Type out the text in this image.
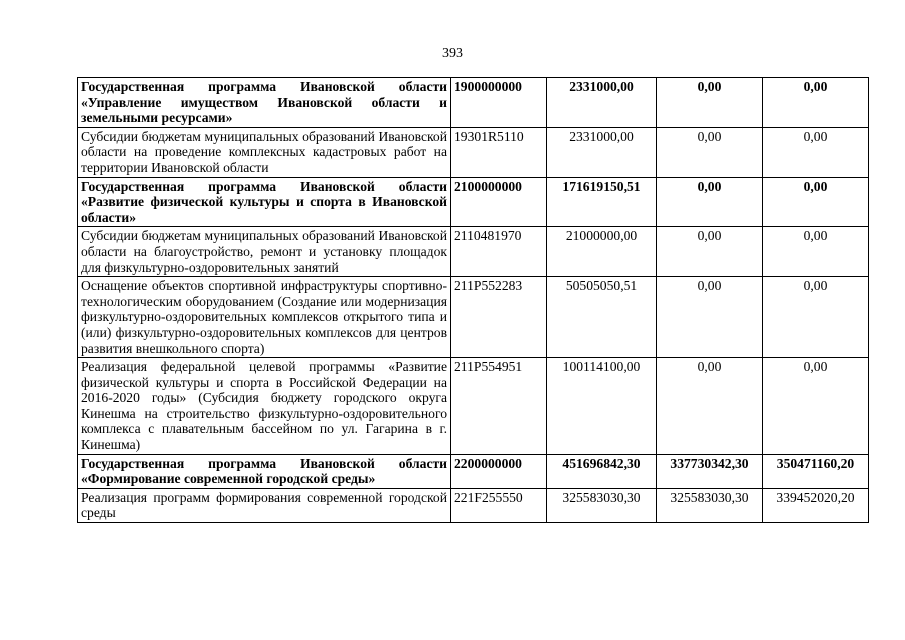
393
Государственная программа Ивановской области «Управление имуществом Ивановской области и земельными ресурсами»	1900000000	2331000,00	0,00	0,00
Субсидии бюджетам муниципальных образований Ивановской области на проведение комплексных кадастровых работ на территории Ивановской области	19301R5110	2331000,00	0,00	0,00
Государственная программа Ивановской области «Развитие физической культуры и спорта в Ивановской области»	2100000000	171619150,51	0,00	0,00
Субсидии бюджетам муниципальных образований Ивановской области на благоустройство, ремонт и установку площадок для физкультурно-оздоровительных занятий	2110481970	21000000,00	0,00	0,00
Оснащение объектов спортивной инфраструктуры спортивно-технологическим оборудованием (Создание или модернизация физкультурно-оздоровительных комплексов открытого типа и (или) физкультурно-оздоровительных комплексов для центров развития внешкольного спорта)	211P552283	50505050,51	0,00	0,00
Реализация федеральной целевой программы «Развитие физической культуры и спорта в Российской Федерации на 2016-2020 годы» (Субсидия бюджету городского округа Кинешма на строительство физкультурно-оздоровительного комплекса с плавательным бассейном по ул. Гагарина в г. Кинешма)	211P554951	100114100,00	0,00	0,00
Государственная программа Ивановской области «Формирование современной городской среды»	2200000000	451696842,30	337730342,30	350471160,20
Реализация программ формирования современной городской среды	221F255550	325583030,30	325583030,30	339452020,20
